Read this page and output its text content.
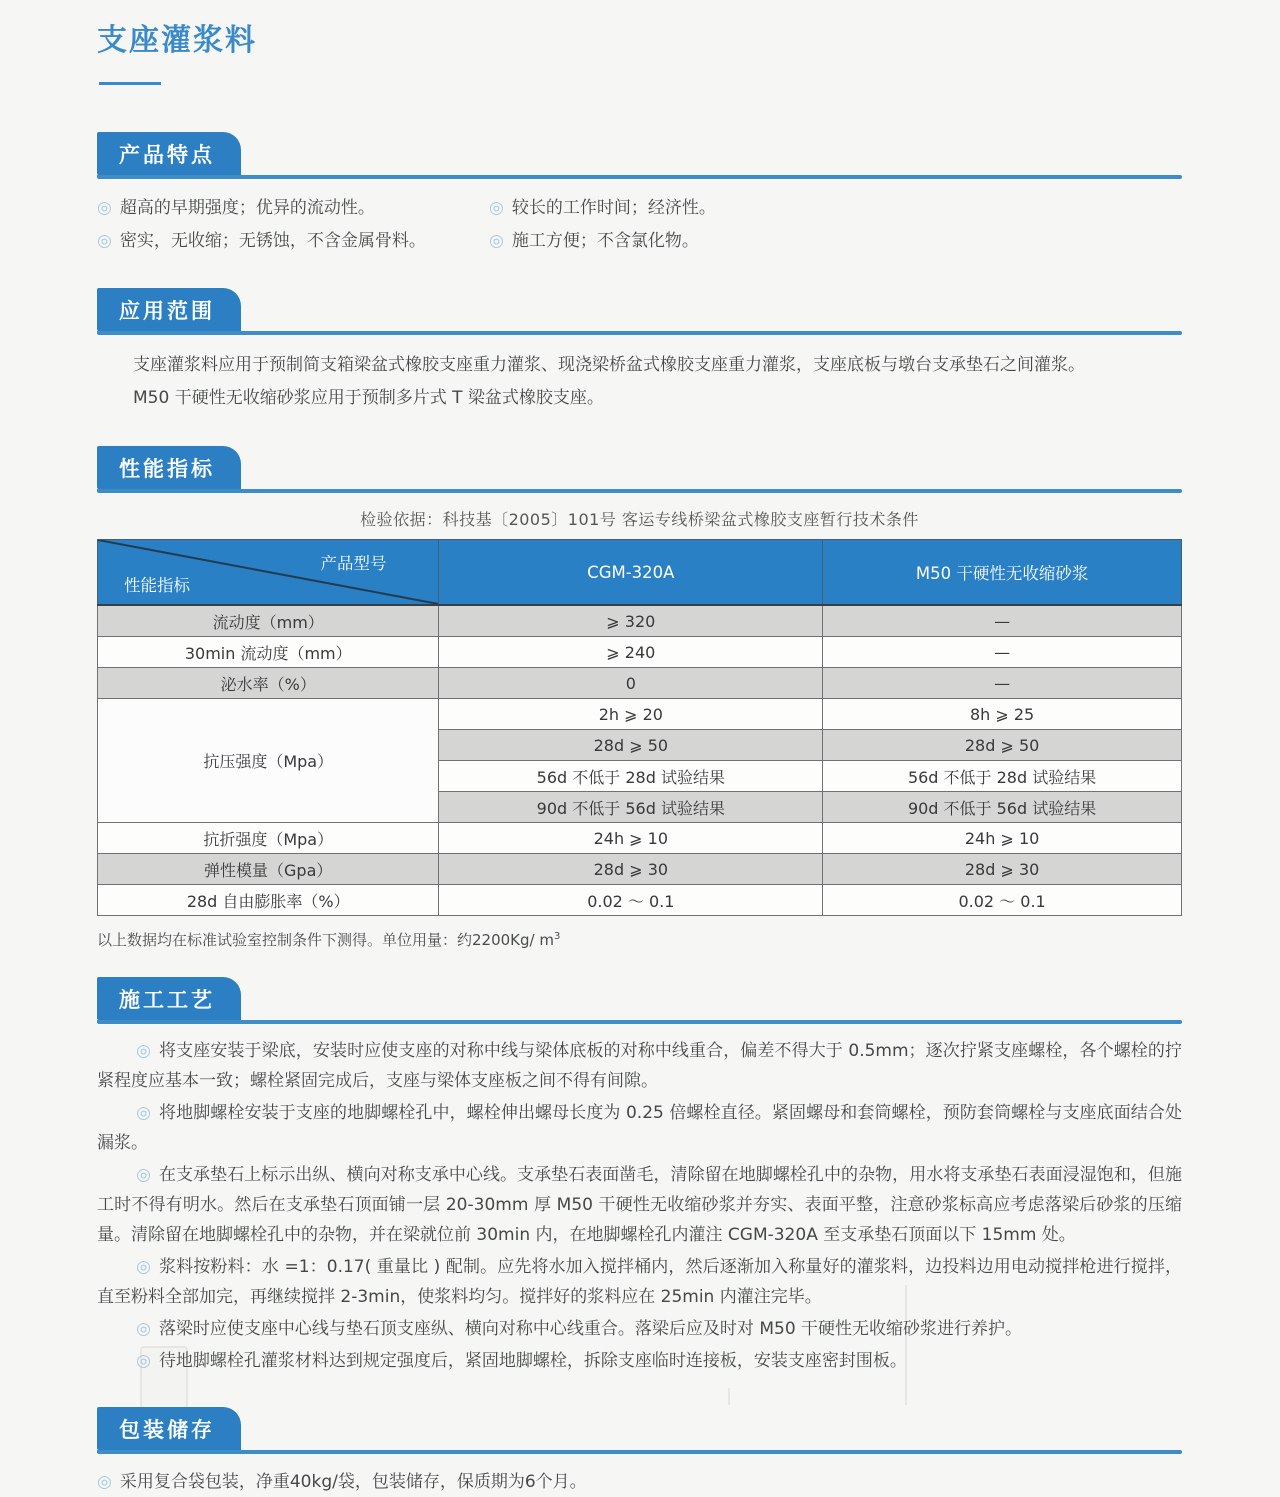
支座灌浆料
产品特点
◎ 超高的早期强度；优异的流动性。	◎ 较长的工作时间；经济性。
◎ 密实，无收缩；无锈蚀，不含金属骨料。	◎ 施工方便；不含氯化物。
应用范围
支座灌浆料应用于预制简支箱梁盆式橡胶支座重力灌浆、现浇梁桥盆式橡胶支座重力灌浆，支座底板与墩台支承垫石之间灌浆。
M50 干硬性无收缩砂浆应用于预制多片式 T 梁盆式橡胶支座。
性能指标
检验依据：科技基〔2005〕101号 客运专线桥梁盆式橡胶支座暂行技术条件
产品型号
性能指标	CGM-320A	M50 干硬性无收缩砂浆
流动度（mm）	⩾ 320	—
30min 流动度（mm）	⩾ 240	—
泌水率（%）	0	—
抗压强度（Mpa）	2h ⩾ 20	8h ⩾ 25
	28d ⩾ 50	28d ⩾ 50
	56d 不低于 28d 试验结果	56d 不低于 28d 试验结果
	90d 不低于 56d 试验结果	90d 不低于 56d 试验结果
抗折强度（Mpa）	24h ⩾ 10	24h ⩾ 10
弹性模量（Gpa）	28d ⩾ 30	28d ⩾ 30
28d 自由膨胀率（%）	0.02 ～ 0.1	0.02 ～ 0.1
以上数据均在标准试验室控制条件下测得。单位用量：约2200Kg/ $m^3$
施工工艺

◎ 将支座安装于梁底，安装时应使支座的对称中线与梁体底板的对称中线重合，偏差不得大于 0.5mm；逐次拧紧支座螺栓，各个螺栓的拧紧程度应基本一致；螺栓紧固完成后，支座与梁体支座板之间不得有间隙。

◎ 将地脚螺栓安装于支座的地脚螺栓孔中，螺栓伸出螺母长度为 0.25 倍螺栓直径。紧固螺母和套筒螺栓，预防套筒螺栓与支座底面结合处漏浆。

◎ 在支承垫石上标示出纵、横向对称支承中心线。支承垫石表面凿毛，清除留在地脚螺栓孔中的杂物，用水将支承垫石表面浸湿饱和，但施工时不得有明水。然后在支承垫石顶面铺一层 20-30mm 厚 M50 干硬性无收缩砂浆并夯实、表面平整，注意砂浆标高应考虑落梁后砂浆的压缩量。清除留在地脚螺栓孔中的杂物，并在梁就位前 30min 内，在地脚螺栓孔内灌注 CGM-320A 至支承垫石顶面以下 15mm 处。

◎ 浆料按粉料：水 =1：0.17( 重量比 ) 配制。应先将水加入搅拌桶内，然后逐渐加入称量好的灌浆料，边投料边用电动搅拌枪进行搅拌，直至粉料全部加完，再继续搅拌 2-3min，使浆料均匀。搅拌好的浆料应在 25min 内灌注完毕。

◎ 落梁时应使支座中心线与垫石顶支座纵、横向对称中心线重合。落梁后应及时对 M50 干硬性无收缩砂浆进行养护。

◎ 待地脚螺栓孔灌浆材料达到规定强度后，紧固地脚螺栓，拆除支座临时连接板，安装支座密封围板。

包装储存
◎ 采用复合袋包装，净重40kg/袋，包装储存，保质期为6个月。
